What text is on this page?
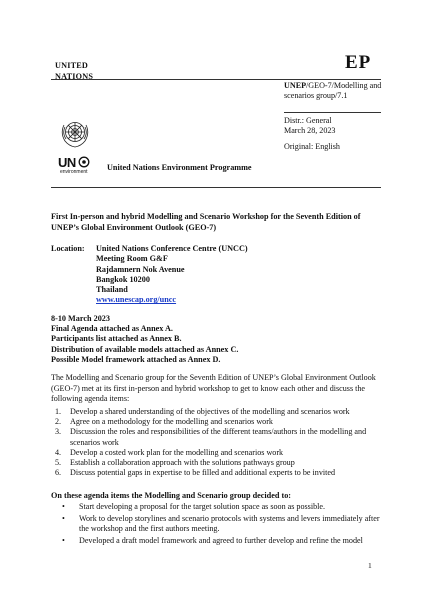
UNITED
NATIONS
EP
UNEP/GEO-7/Modelling and scenarios group/7.1
Distr.: General
March 28, 2023
Original: English
UN
environment United Nations Environment Programme
First In-person and hybrid Modelling and Scenario Workshop for the Seventh Edition of UNEP’s Global Environment Outlook (GEO-7)
Location: United Nations Conference Centre (UNCC)
Meeting Room G&F
Rajdamnern Nok Avenue
Bangkok 10200
Thailand
www.unescap.org/uncc
8-10 March 2023
Final Agenda attached as Annex A.
Participants list attached as Annex B.
Distribution of available models attached as Annex C.
Possible Model framework attached as Annex D.
The Modelling and Scenario group for the Seventh Edition of UNEP’s Global Environment Outlook (GEO-7) met at its first in-person and hybrid workshop to get to know each other and discuss the following agenda items:
1. Develop a shared understanding of the objectives of the modelling and scenarios work
2. Agree on a methodology for the modelling and scenarios work
3. Discussion the roles and responsibilities of the different teams/authors in the modelling and scenarios work
4. Develop a costed work plan for the modelling and scenarios work
5. Establish a collaboration approach with the solutions pathways group
6. Discuss potential gaps in expertise to be filled and additional experts to be invited
On these agenda items the Modelling and Scenario group decided to:
• Start developing a proposal for the target solution space as soon as possible.
• Work to develop storylines and scenario protocols with systems and levers immediately after the workshop and the first authors meeting.
• Developed a draft model framework and agreed to further develop and refine the model
1
